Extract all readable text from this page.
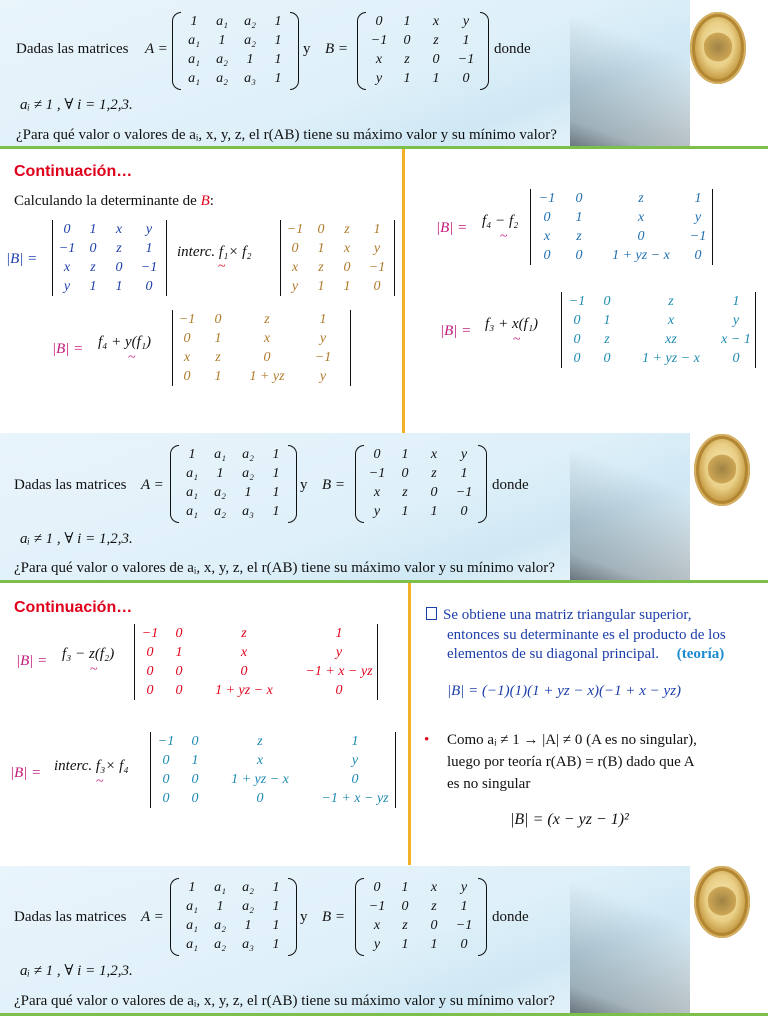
Dadas las matrices A =
1	a₁	a₂	1
a₁	1	a₂	1
a₁	a₂	1	1
a₁	a₂	a₃	1
y B =
0	1	x	y
−1	0	z	1
x	z	0	−1
y	1	1	0
donde
aᵢ ≠ 1 , ∀ i = 1,2,3.
¿Para qué valor o valores de aᵢ, x, y, z, el r(AB) tiene su máximo valor y su mínimo valor?
Continuación…
Calculando la determinante de B:
|B| =
0	1	x	y
−1	0	z	1
x	z	0	−1
y	1	1	0
interc. f₁× f₂
~
−1	0	z	1
0	1	x	y
x	z	0	−1
y	1	1	0
|B| = f₄ + y(f₁)
~
−1	0	z	1
0	1	x	y
x	z	0	−1
0	1	1 + yz	y
|B| = f₄ − f₂
~
−1	0	z	1
0	1	x	y
x	z	0	−1
0	0	1 + yz − x	0
|B| = f₃ + x(f₁)
~
−1	0	z	1
0	1	x	y
0	z	xz	x − 1
0	0	1 + yz − x	0
Dadas las matrices A =
1	a₁	a₂	1
a₁	1	a₂	1
a₁	a₂	1	1
a₁	a₂	a₃	1
y B =
0	1	x	y
−1	0	z	1
x	z	0	−1
y	1	1	0
donde
aᵢ ≠ 1 , ∀ i = 1,2,3.
¿Para qué valor o valores de aᵢ, x, y, z, el r(AB) tiene su máximo valor y su mínimo valor?
Continuación…
|B| = f₃ − z(f₂)
~
−1	0	z	1
0	1	x	y
0	0	0	−1 + x − yz
0	0	1 + yz − x	0
|B| = interc. f₃× f₄
~
−1	0	z	1
0	1	x	y
0	0	1 + yz − x	0
0	0	0	−1 + x − yz
Se obtiene una matriz triangular superior,
entonces su determinante es el producto de los
elementos de su diagonal principal. (teoría)
|B| = (−1)(1)(1 + yz − x)(−1 + x − yz)
• Como aᵢ ≠ 1 → |A| ≠ 0 (A es no singular),
luego por teoría r(AB) = r(B) dado que A
es no singular
|B| = (x − yz − 1)²
Dadas las matrices A =
1	a₁	a₂	1
a₁	1	a₂	1
a₁	a₂	1	1
a₁	a₂	a₃	1
y B =
0	1	x	y
−1	0	z	1
x	z	0	−1
y	1	1	0
donde
aᵢ ≠ 1 , ∀ i = 1,2,3.
¿Para qué valor o valores de aᵢ, x, y, z, el r(AB) tiene su máximo valor y su mínimo valor?
